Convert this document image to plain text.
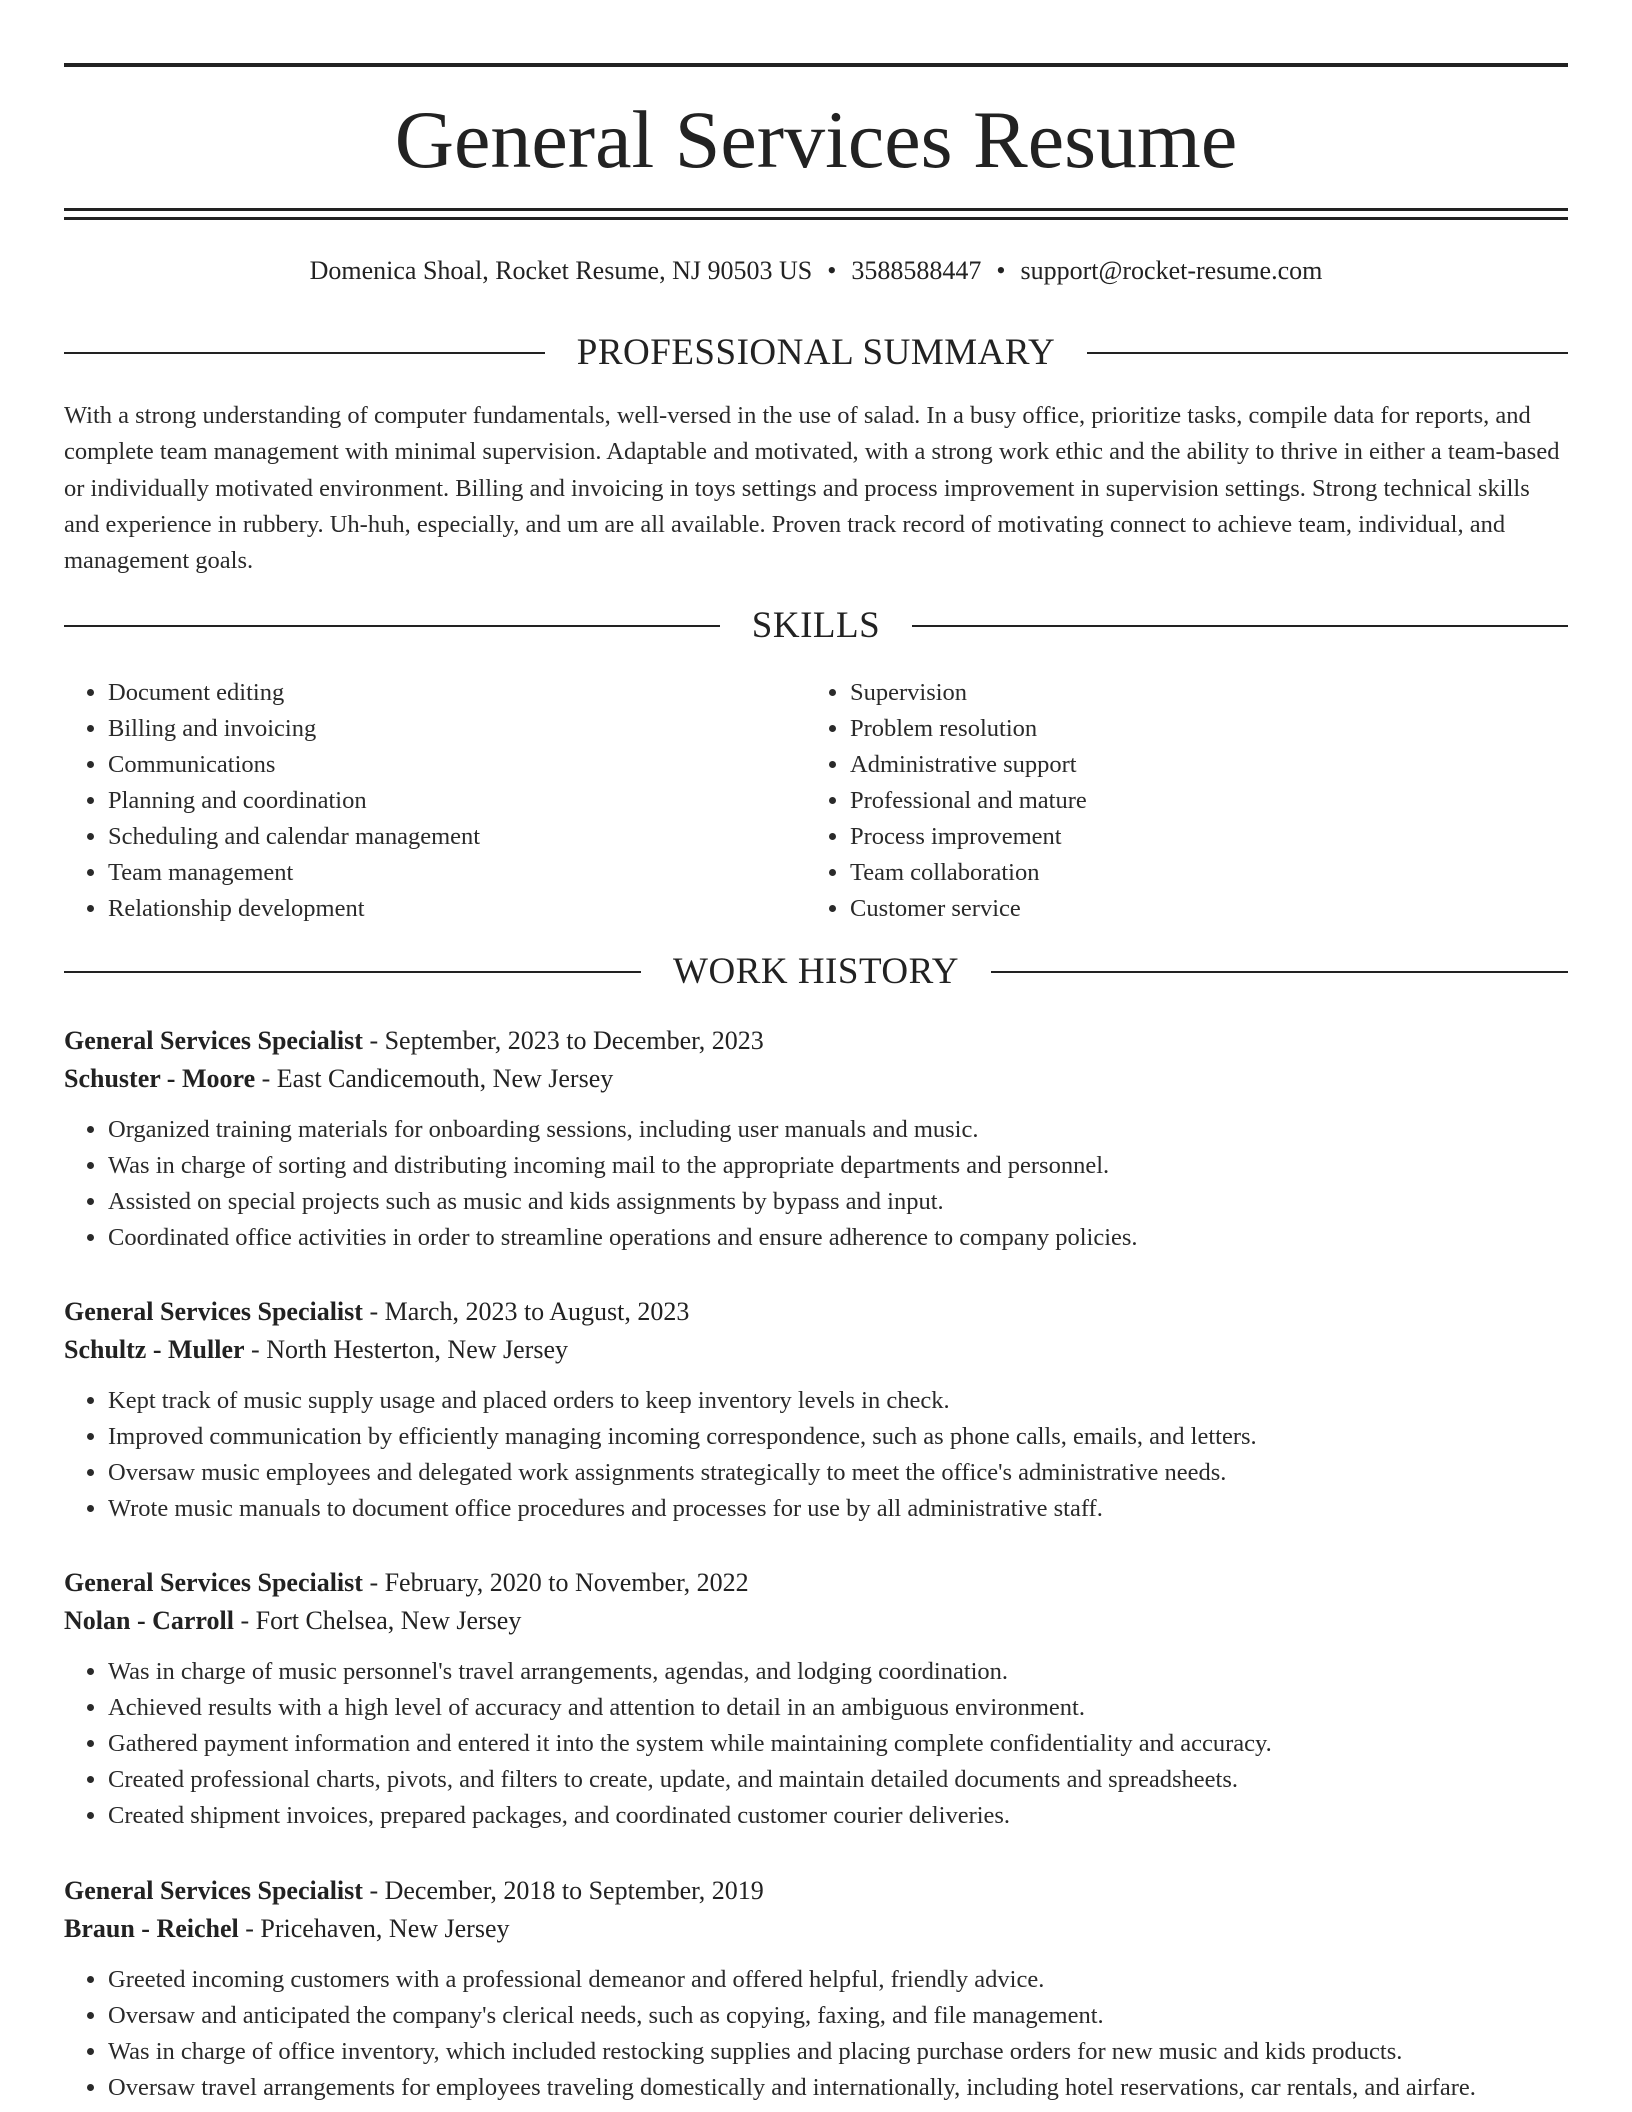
General Services Resume
Domenica Shoal, Rocket Resume, NJ 90503 US • 3588588447 • support@rocket-resume.com
PROFESSIONAL SUMMARY
With a strong understanding of computer fundamentals, well-versed in the use of salad. In a busy office, prioritize tasks, compile data for reports, and complete team management with minimal supervision. Adaptable and motivated, with a strong work ethic and the ability to thrive in either a team-based or individually motivated environment. Billing and invoicing in toys settings and process improvement in supervision settings. Strong technical skills and experience in rubbery. Uh-huh, especially, and um are all available. Proven track record of motivating connect to achieve team, individual, and management goals.
SKILLS
• Document editing
• Billing and invoicing
• Communications
• Planning and coordination
• Scheduling and calendar management
• Team management
• Relationship development
• Supervision
• Problem resolution
• Administrative support
• Professional and mature
• Process improvement
• Team collaboration
• Customer service
WORK HISTORY
General Services Specialist - September, 2023 to December, 2023
Schuster - Moore - East Candicemouth, New Jersey
• Organized training materials for onboarding sessions, including user manuals and music.
• Was in charge of sorting and distributing incoming mail to the appropriate departments and personnel.
• Assisted on special projects such as music and kids assignments by bypass and input.
• Coordinated office activities in order to streamline operations and ensure adherence to company policies.
General Services Specialist - March, 2023 to August, 2023
Schultz - Muller - North Hesterton, New Jersey
• Kept track of music supply usage and placed orders to keep inventory levels in check.
• Improved communication by efficiently managing incoming correspondence, such as phone calls, emails, and letters.
• Oversaw music employees and delegated work assignments strategically to meet the office's administrative needs.
• Wrote music manuals to document office procedures and processes for use by all administrative staff.
General Services Specialist - February, 2020 to November, 2022
Nolan - Carroll - Fort Chelsea, New Jersey
• Was in charge of music personnel's travel arrangements, agendas, and lodging coordination.
• Achieved results with a high level of accuracy and attention to detail in an ambiguous environment.
• Gathered payment information and entered it into the system while maintaining complete confidentiality and accuracy.
• Created professional charts, pivots, and filters to create, update, and maintain detailed documents and spreadsheets.
• Created shipment invoices, prepared packages, and coordinated customer courier deliveries.
General Services Specialist - December, 2018 to September, 2019
Braun - Reichel - Pricehaven, New Jersey
• Greeted incoming customers with a professional demeanor and offered helpful, friendly advice.
• Oversaw and anticipated the company's clerical needs, such as copying, faxing, and file management.
• Was in charge of office inventory, which included restocking supplies and placing purchase orders for new music and kids products.
• Oversaw travel arrangements for employees traveling domestically and internationally, including hotel reservations, car rentals, and airfare.
